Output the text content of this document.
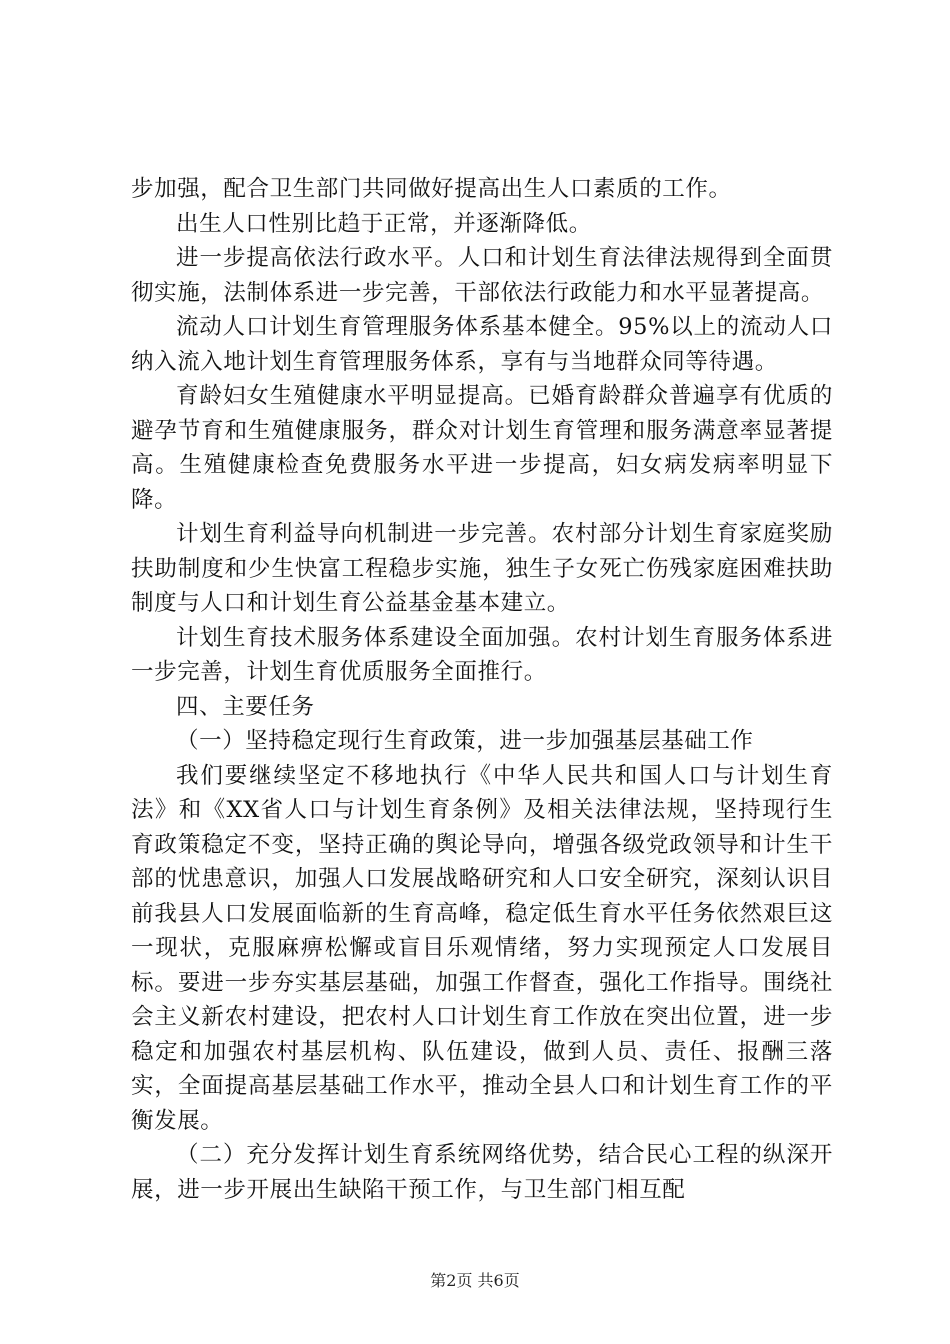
步加强，配合卫生部门共同做好提高出生人口素质的工作。

出生人口性别比趋于正常，并逐渐降低。

进一步提高依法行政水平。人口和计划生育法律法规得到全面贯彻实施，法制体系进一步完善，干部依法行政能力和水平显著提高。

流动人口计划生育管理服务体系基本健全。95%以上的流动人口纳入流入地计划生育管理服务体系，享有与当地群众同等待遇。

育龄妇女生殖健康水平明显提高。已婚育龄群众普遍享有优质的避孕节育和生殖健康服务，群众对计划生育管理和服务满意率显著提高。生殖健康检查免费服务水平进一步提高，妇女病发病率明显下降。

计划生育利益导向机制进一步完善。农村部分计划生育家庭奖励扶助制度和少生快富工程稳步实施，独生子女死亡伤残家庭困难扶助制度与人口和计划生育公益基金基本建立。

计划生育技术服务体系建设全面加强。农村计划生育服务体系进一步完善，计划生育优质服务全面推行。

四、主要任务

（一）坚持稳定现行生育政策，进一步加强基层基础工作

我们要继续坚定不移地执行《中华人民共和国人口与计划生育法》和《XX省人口与计划生育条例》及相关法律法规，坚持现行生育政策稳定不变，坚持正确的舆论导向，增强各级党政领导和计生干部的忧患意识，加强人口发展战略研究和人口安全研究，深刻认识目前我县人口发展面临新的生育高峰，稳定低生育水平任务依然艰巨这一现状，克服麻痹松懈或盲目乐观情绪，努力实现预定人口发展目标。要进一步夯实基层基础，加强工作督查，强化工作指导。围绕社会主义新农村建设，把农村人口计划生育工作放在突出位置，进一步稳定和加强农村基层机构、队伍建设，做到人员、责任、报酬三落实，全面提高基层基础工作水平，推动全县人口和计划生育工作的平衡发展。

（二）充分发挥计划生育系统网络优势，结合民心工程的纵深开展，进一步开展出生缺陷干预工作，与卫生部门相互配

第2页 共6页
